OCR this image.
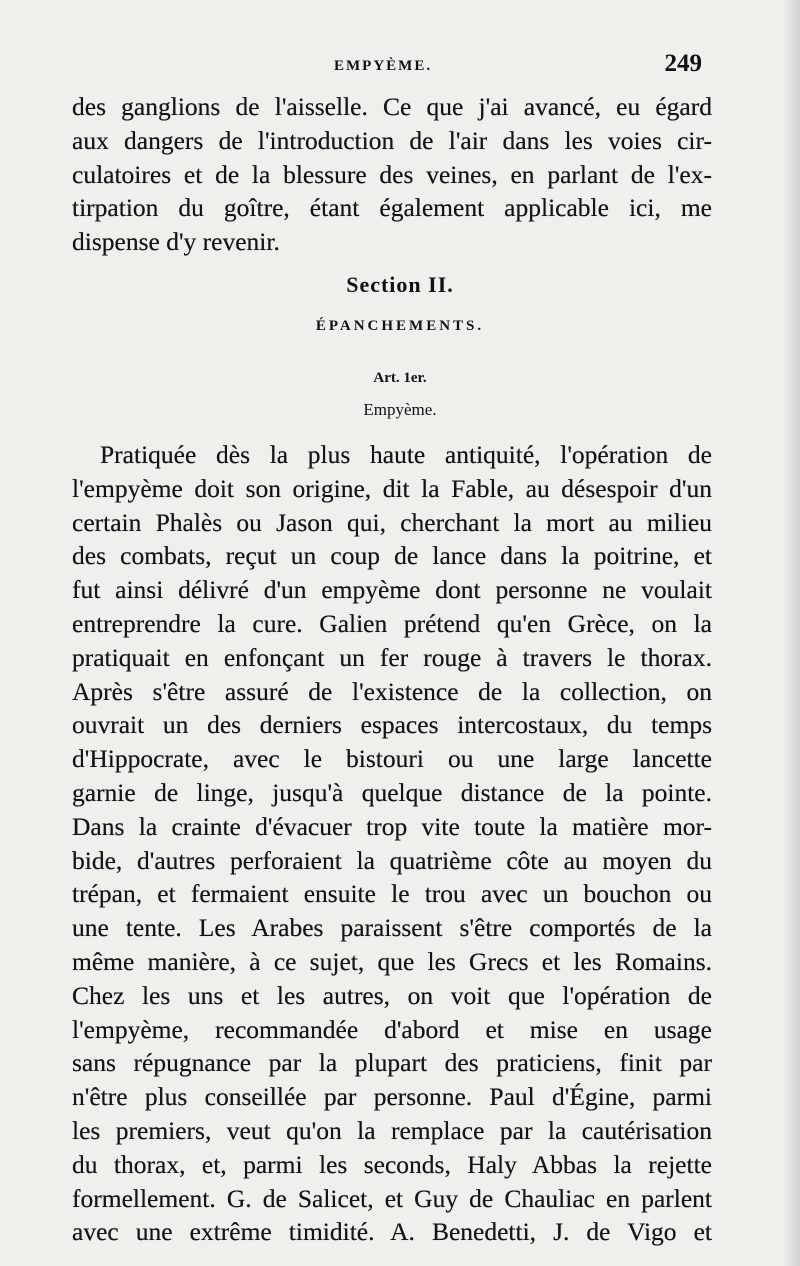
EMPYÈME.	249
des ganglions de l'aisselle. Ce que j'ai avancé, eu égard
aux dangers de l'introduction de l'air dans les voies cir-
culatoires et de la blessure des veines, en parlant de l'ex-
tirpation du goître, étant également applicable ici, me
dispense d'y revenir.
Section II.
ÉPANCHEMENTS.
Art. 1er.
Empyème.
Pratiquée dès la plus haute antiquité, l'opération de
l'empyème doit son origine, dit la Fable, au désespoir d'un
certain Phalès ou Jason qui, cherchant la mort au milieu
des combats, reçut un coup de lance dans la poitrine, et
fut ainsi délivré d'un empyème dont personne ne voulait
entreprendre la cure. Galien prétend qu'en Grèce, on la
pratiquait en enfonçant un fer rouge à travers le thorax.
Après s'être assuré de l'existence de la collection, on
ouvrait un des derniers espaces intercostaux, du temps
d'Hippocrate, avec le bistouri ou une large lancette
garnie de linge, jusqu'à quelque distance de la pointe.
Dans la crainte d'évacuer trop vite toute la matière mor-
bide, d'autres perforaient la quatrième côte au moyen du
trépan, et fermaient ensuite le trou avec un bouchon ou
une tente. Les Arabes paraissent s'être comportés de la
même manière, à ce sujet, que les Grecs et les Romains.
Chez les uns et les autres, on voit que l'opération de
l'empyème, recommandée d'abord et mise en usage
sans répugnance par la plupart des praticiens, finit par
n'être plus conseillée par personne. Paul d'Égine, parmi
les premiers, veut qu'on la remplace par la cautérisation
du thorax, et, parmi les seconds, Haly Abbas la rejette
formellement. G. de Salicet, et Guy de Chauliac en parlent
avec une extrême timidité. A. Benedetti, J. de Vigo et
